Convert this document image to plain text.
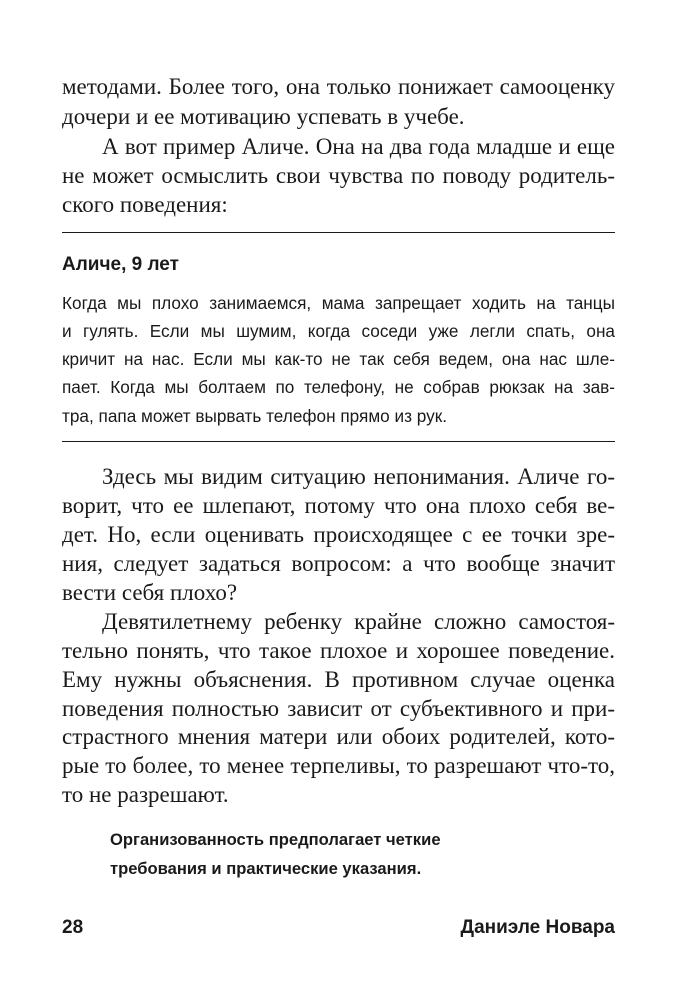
методами. Более того, она только понижает самооценку
дочери и ее мотивацию успевать в учебе.
А вот пример Аличе. Она на два года младше и еще
не может осмыслить свои чувства по поводу родитель-
ского поведения:
Аличе, 9 лет
Когда мы плохо занимаемся, мама запрещает ходить на танцы
и гулять. Если мы шумим, когда соседи уже легли спать, она
кричит на нас. Если мы как-то не так себя ведем, она нас шле-
пает. Когда мы болтаем по телефону, не собрав рюкзак на зав-
тра, папа может вырвать телефон прямо из рук.
Здесь мы видим ситуацию непонимания. Аличе го-
ворит, что ее шлепают, потому что она плохо себя ве-
дет. Но, если оценивать происходящее с ее точки зре-
ния, следует задаться вопросом: а что вообще значит
вести себя плохо?
Девятилетнему ребенку крайне сложно самостоя-
тельно понять, что такое плохое и хорошее поведение.
Ему нужны объяснения. В противном случае оценка
поведения полностью зависит от субъективного и при-
страстного мнения матери или обоих родителей, кото-
рые то более, то менее терпеливы, то разрешают что-то,
то не разрешают.
Организованность предполагает четкие
требования и практические указания.
28	Даниэле Новара
